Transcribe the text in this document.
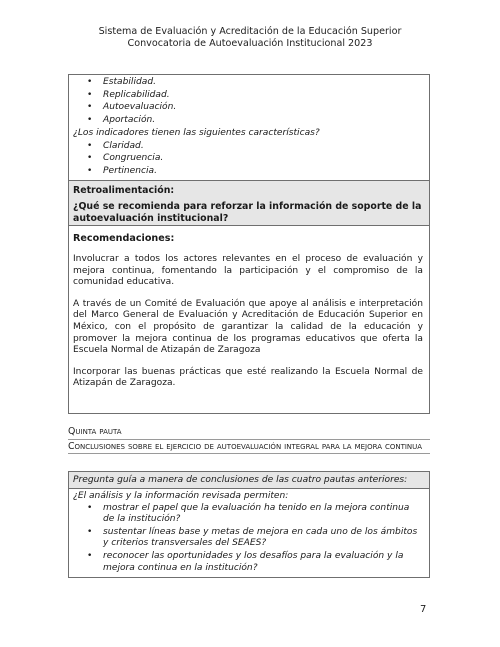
Sistema de Evaluación y Acreditación de la Educación Superior
Convocatoria de Autoevaluación Institucional 2023
• Estabilidad.
• Replicabilidad.
• Autoevaluación.
• Aportación.
¿Los indicadores tienen las siguientes características?
• Claridad.
• Congruencia.
• Pertinencia.
Retroalimentación:
¿Qué se recomienda para reforzar la información de soporte de la autoevaluación institucional?
Recomendaciones:

Involucrar a todos los actores relevantes en el proceso de evaluación y mejora continua, fomentando la participación y el compromiso de la comunidad educativa.

A través de un Comité de Evaluación que apoye al análisis e interpretación del Marco General de Evaluación y Acreditación de Educación Superior en México, con el propósito de garantizar la calidad de la educación y promover la mejora continua de los programas educativos que oferta la Escuela Normal de Atizapán de Zaragoza

Incorporar las buenas prácticas que esté realizando la Escuela Normal de Atizapán de Zaragoza.

Quinta pauta
Conclusiones sobre el ejercicio de autoevaluación integral para la mejora continua
Pregunta guía a manera de conclusiones de las cuatro pautas anteriores:
¿El análisis y la información revisada permiten:
• mostrar el papel que la evaluación ha tenido en la mejora continua de la institución?
• sustentar líneas base y metas de mejora en cada uno de los ámbitos y criterios transversales del SEAES?
• reconocer las oportunidades y los desafíos para la evaluación y la mejora continua en la institución?
7
